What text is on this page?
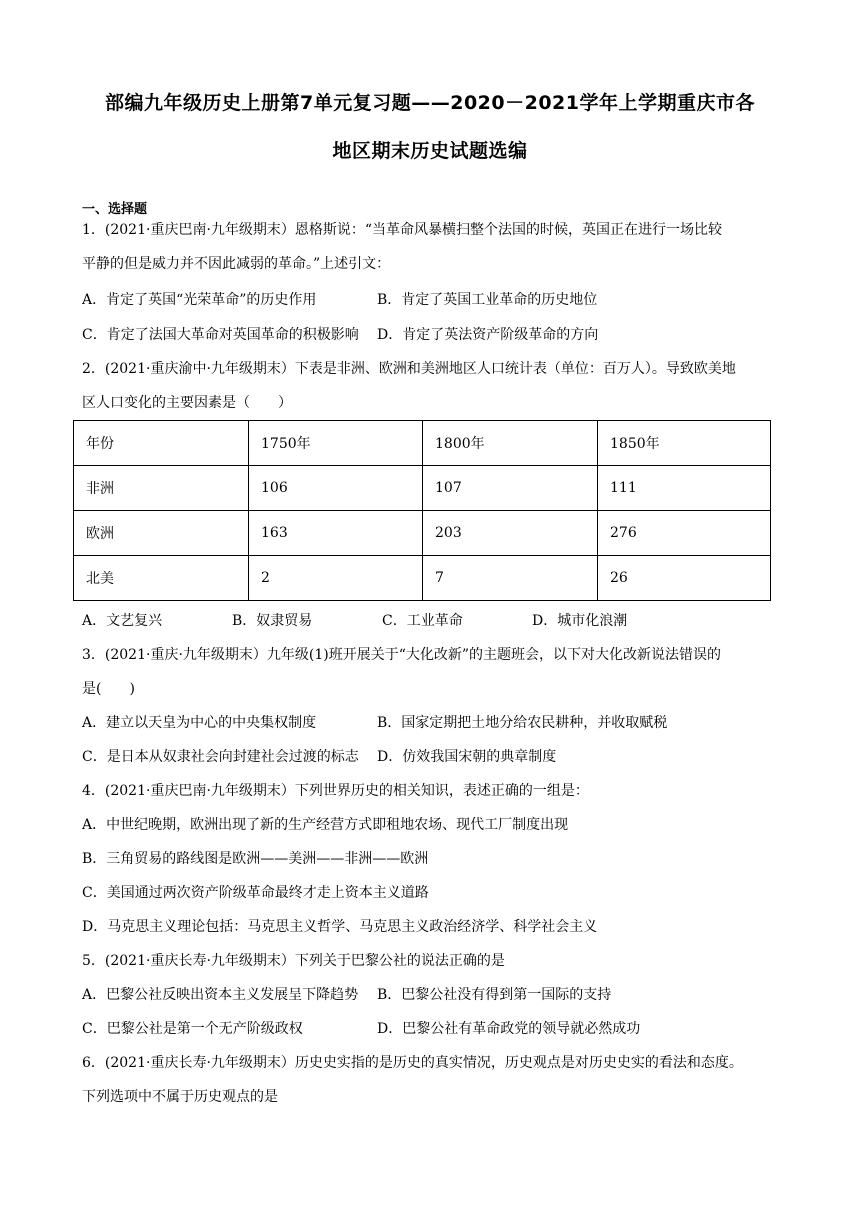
部编九年级历史上册第7单元复习题——2020－2021学年上学期重庆市各
地区期末历史试题选编
一、选择题
1．(2021·重庆巴南·九年级期末）恩格斯说：“当革命风暴横扫整个法国的时候，英国正在进行一场比较
平静的但是威力并不因此减弱的革命。”上述引文：
A．肯定了英国“光荣革命”的历史作用	B．肯定了英国工业革命的历史地位
C．肯定了法国大革命对英国革命的积极影响 D．肯定了英法资产阶级革命的方向
2．(2021·重庆渝中·九年级期末）下表是非洲、欧洲和美洲地区人口统计表（单位：百万人）。导致欧美地
区人口变化的主要因素是（　　）
年份	1750年	1800年	1850年
非洲	106	107	111
欧洲	163	203	276
北美	2	7	26
A．文艺复兴	B．奴隶贸易	C．工业革命	D．城市化浪潮
3．(2021·重庆·九年级期末）九年级(1)班开展关于“大化改新”的主题班会，以下对大化改新说法错误的
是(　　)
A．建立以天皇为中心的中央集权制度	B．国家定期把土地分给农民耕种，并收取赋税
C．是日本从奴隶社会向封建社会过渡的标志 D．仿效我国宋朝的典章制度
4．(2021·重庆巴南·九年级期末）下列世界历史的相关知识，表述正确的一组是：
A．中世纪晚期，欧洲出现了新的生产经营方式即租地农场、现代工厂制度出现
B．三角贸易的路线图是欧洲——美洲——非洲——欧洲
C．美国通过两次资产阶级革命最终才走上资本主义道路
D．马克思主义理论包括：马克思主义哲学、马克思主义政治经济学、科学社会主义
5．(2021·重庆长寿·九年级期末）下列关于巴黎公社的说法正确的是
A．巴黎公社反映出资本主义发展呈下降趋势 B．巴黎公社没有得到第一国际的支持
C．巴黎公社是第一个无产阶级政权	D．巴黎公社有革命政党的领导就必然成功
6．(2021·重庆长寿·九年级期末）历史史实指的是历史的真实情况，历史观点是对历史史实的看法和态度。
下列选项中不属于历史观点的是
